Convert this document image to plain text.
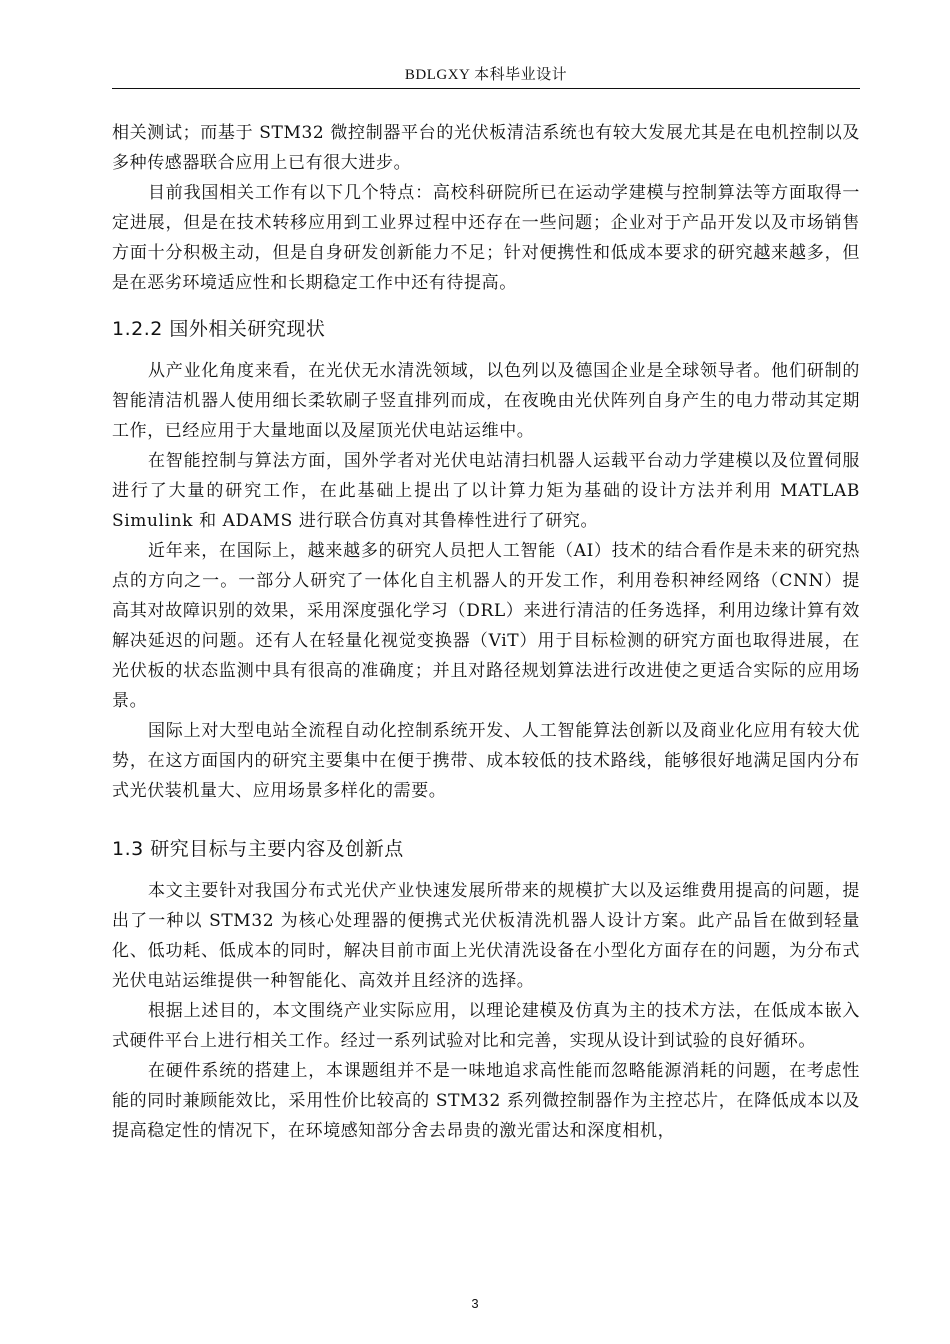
BDLGXY 本科毕业设计

相关测试；而基于 STM32 微控制器平台的光伏板清洁系统也有较大发展尤其是在电机控制以及多种传感器联合应用上已有很大进步。

目前我国相关工作有以下几个特点：高校科研院所已在运动学建模与控制算法等方面取得一定进展，但是在技术转移应用到工业界过程中还存在一些问题；企业对于产品开发以及市场销售方面十分积极主动，但是自身研发创新能力不足；针对便携性和低成本要求的研究越来越多，但是在恶劣环境适应性和长期稳定工作中还有待提高。

1.2.2 国外相关研究现状

从产业化角度来看，在光伏无水清洗领域，以色列以及德国企业是全球领导者。他们研制的智能清洁机器人使用细长柔软刷子竖直排列而成，在夜晚由光伏阵列自身产生的电力带动其定期工作，已经应用于大量地面以及屋顶光伏电站运维中。

在智能控制与算法方面，国外学者对光伏电站清扫机器人运载平台动力学建模以及位置伺服进行了大量的研究工作，在此基础上提出了以计算力矩为基础的设计方法并利用 MATLAB Simulink 和 ADAMS 进行联合仿真对其鲁棒性进行了研究。

近年来，在国际上，越来越多的研究人员把人工智能（AI）技术的结合看作是未来的研究热点的方向之一。一部分人研究了一体化自主机器人的开发工作，利用卷积神经网络（CNN）提高其对故障识别的效果，采用深度强化学习（DRL）来进行清洁的任务选择，利用边缘计算有效解决延迟的问题。还有人在轻量化视觉变换器（ViT）用于目标检测的研究方面也取得进展，在光伏板的状态监测中具有很高的准确度；并且对路径规划算法进行改进使之更适合实际的应用场景。

国际上对大型电站全流程自动化控制系统开发、人工智能算法创新以及商业化应用有较大优势，在这方面国内的研究主要集中在便于携带、成本较低的技术路线，能够很好地满足国内分布式光伏装机量大、应用场景多样化的需要。

1.3 研究目标与主要内容及创新点

本文主要针对我国分布式光伏产业快速发展所带来的规模扩大以及运维费用提高的问题，提出了一种以 STM32 为核心处理器的便携式光伏板清洗机器人设计方案。此产品旨在做到轻量化、低功耗、低成本的同时，解决目前市面上光伏清洗设备在小型化方面存在的问题，为分布式光伏电站运维提供一种智能化、高效并且经济的选择。

根据上述目的，本文围绕产业实际应用，以理论建模及仿真为主的技术方法，在低成本嵌入式硬件平台上进行相关工作。经过一系列试验对比和完善，实现从设计到试验的良好循环。

在硬件系统的搭建上，本课题组并不是一味地追求高性能而忽略能源消耗的问题，在考虑性能的同时兼顾能效比，采用性价比较高的 STM32 系列微控制器作为主控芯片，在降低成本以及提高稳定性的情况下，在环境感知部分舍去昂贵的激光雷达和深度相机，

3
